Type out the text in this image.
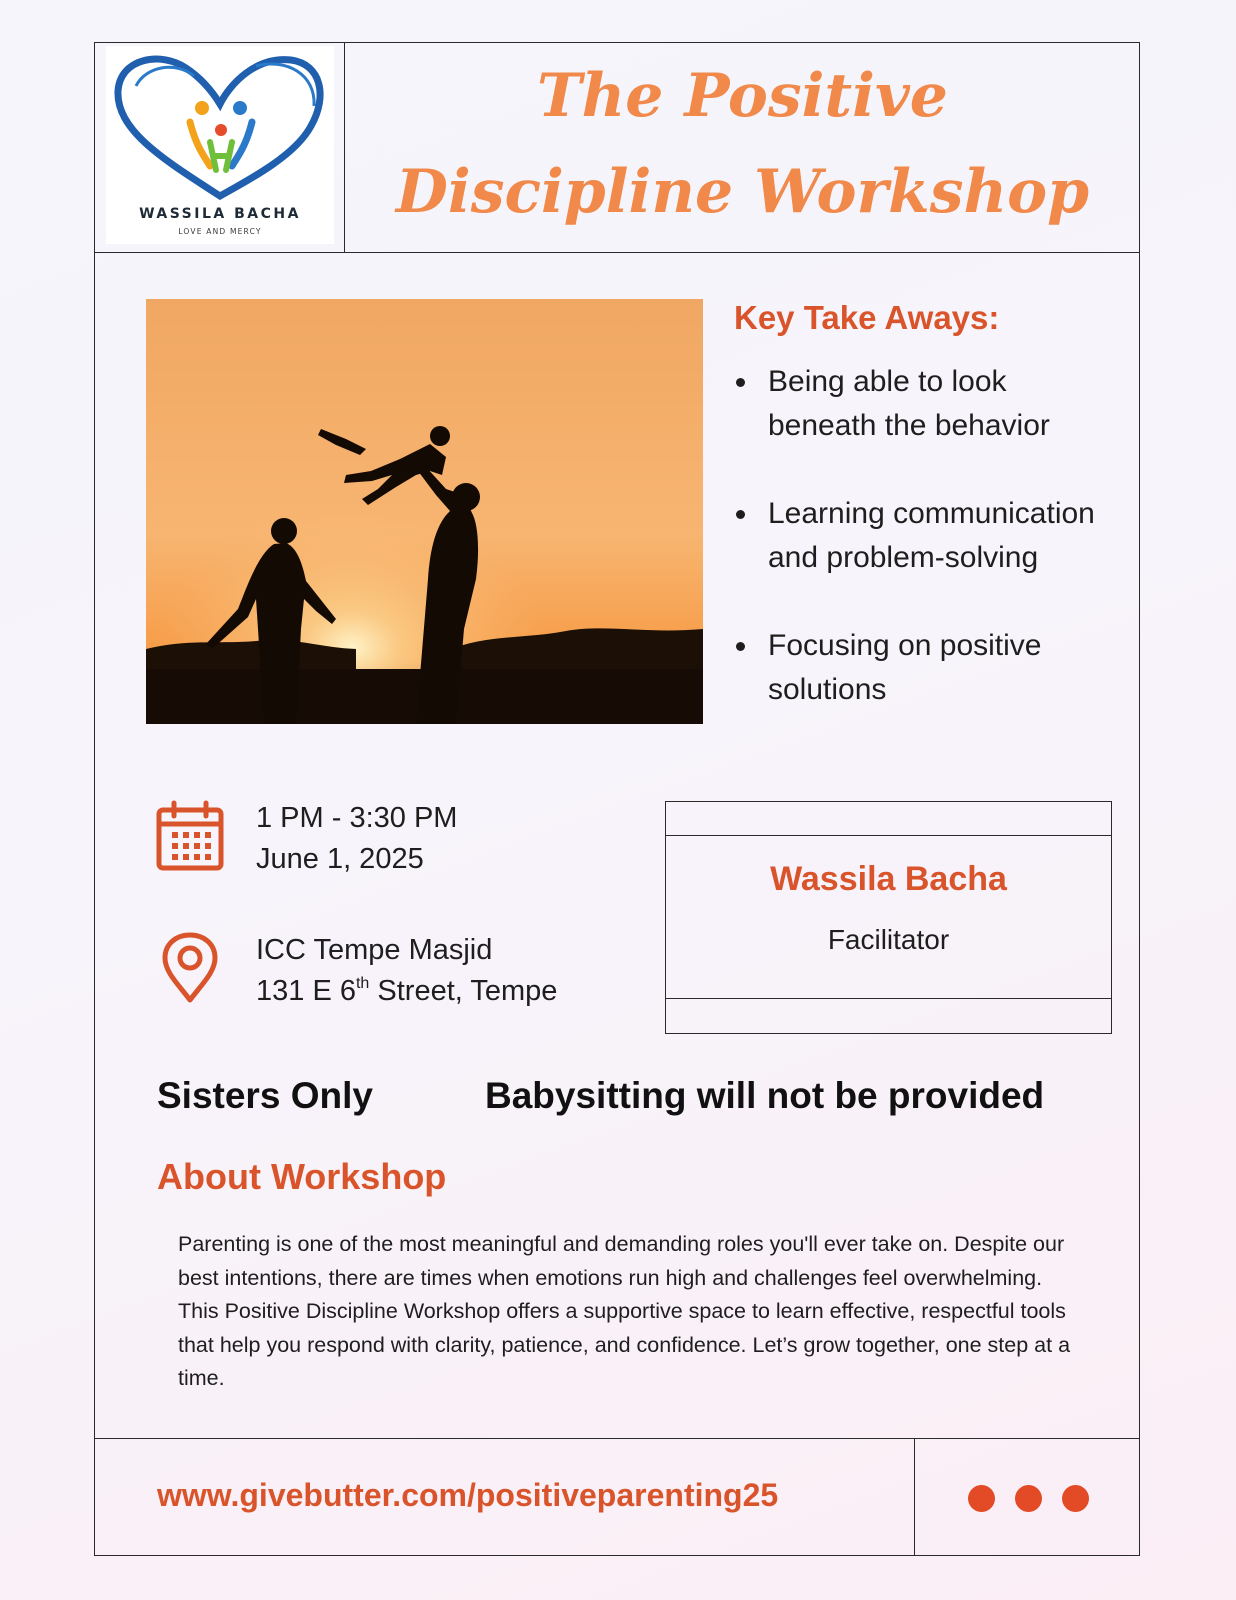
WASSILA BACHA
LOVE AND MERCY
The Positive
Discipline Workshop
Key Take Aways:
Being able to look
beneath the behavior
Learning communication
and problem-solving
Focusing on positive
solutions
1 PM - 3:30 PM
June 1, 2025
ICC Tempe Masjid
131 E 6th Street, Tempe
Wassila Bacha
Facilitator
Sisters Only	Babysitting will not be provided
About Workshop

Parenting is one of the most meaningful and demanding roles you'll ever take on. Despite our best intentions, there are times when emotions run high and challenges feel overwhelming. This Positive Discipline Workshop offers a supportive space to learn effective, respectful tools that help you respond with clarity, patience, and confidence. Let’s grow together, one step at a time.

www.givebutter.com/positiveparenting25
